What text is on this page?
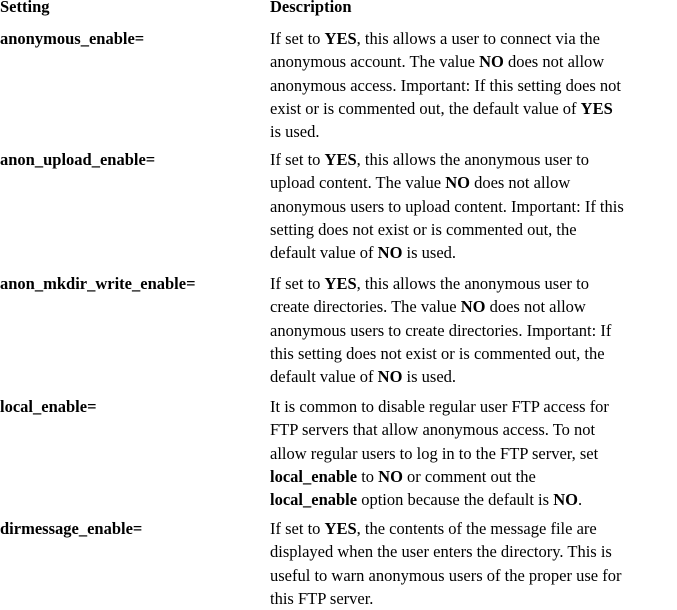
Setting	Description
anonymous_enable=	If set to YES, this allows a user to connect via the
anonymous account. The value NO does not allow
anonymous access. Important: If this setting does not
exist or is commented out, the default value of YES
is used.
anon_upload_enable=	If set to YES, this allows the anonymous user to
upload content. The value NO does not allow
anonymous users to upload content. Important: If this
setting does not exist or is commented out, the
default value of NO is used.
anon_mkdir_write_enable=	If set to YES, this allows the anonymous user to
create directories. The value NO does not allow
anonymous users to create directories. Important: If
this setting does not exist or is commented out, the
default value of NO is used.
local_enable=	It is common to disable regular user FTP access for
FTP servers that allow anonymous access. To not
allow regular users to log in to the FTP server, set
local_enable to NO or comment out the
local_enable option because the default is NO.
dirmessage_enable=	If set to YES, the contents of the message file are
displayed when the user enters the directory. This is
useful to warn anonymous users of the proper use for
this FTP server.
